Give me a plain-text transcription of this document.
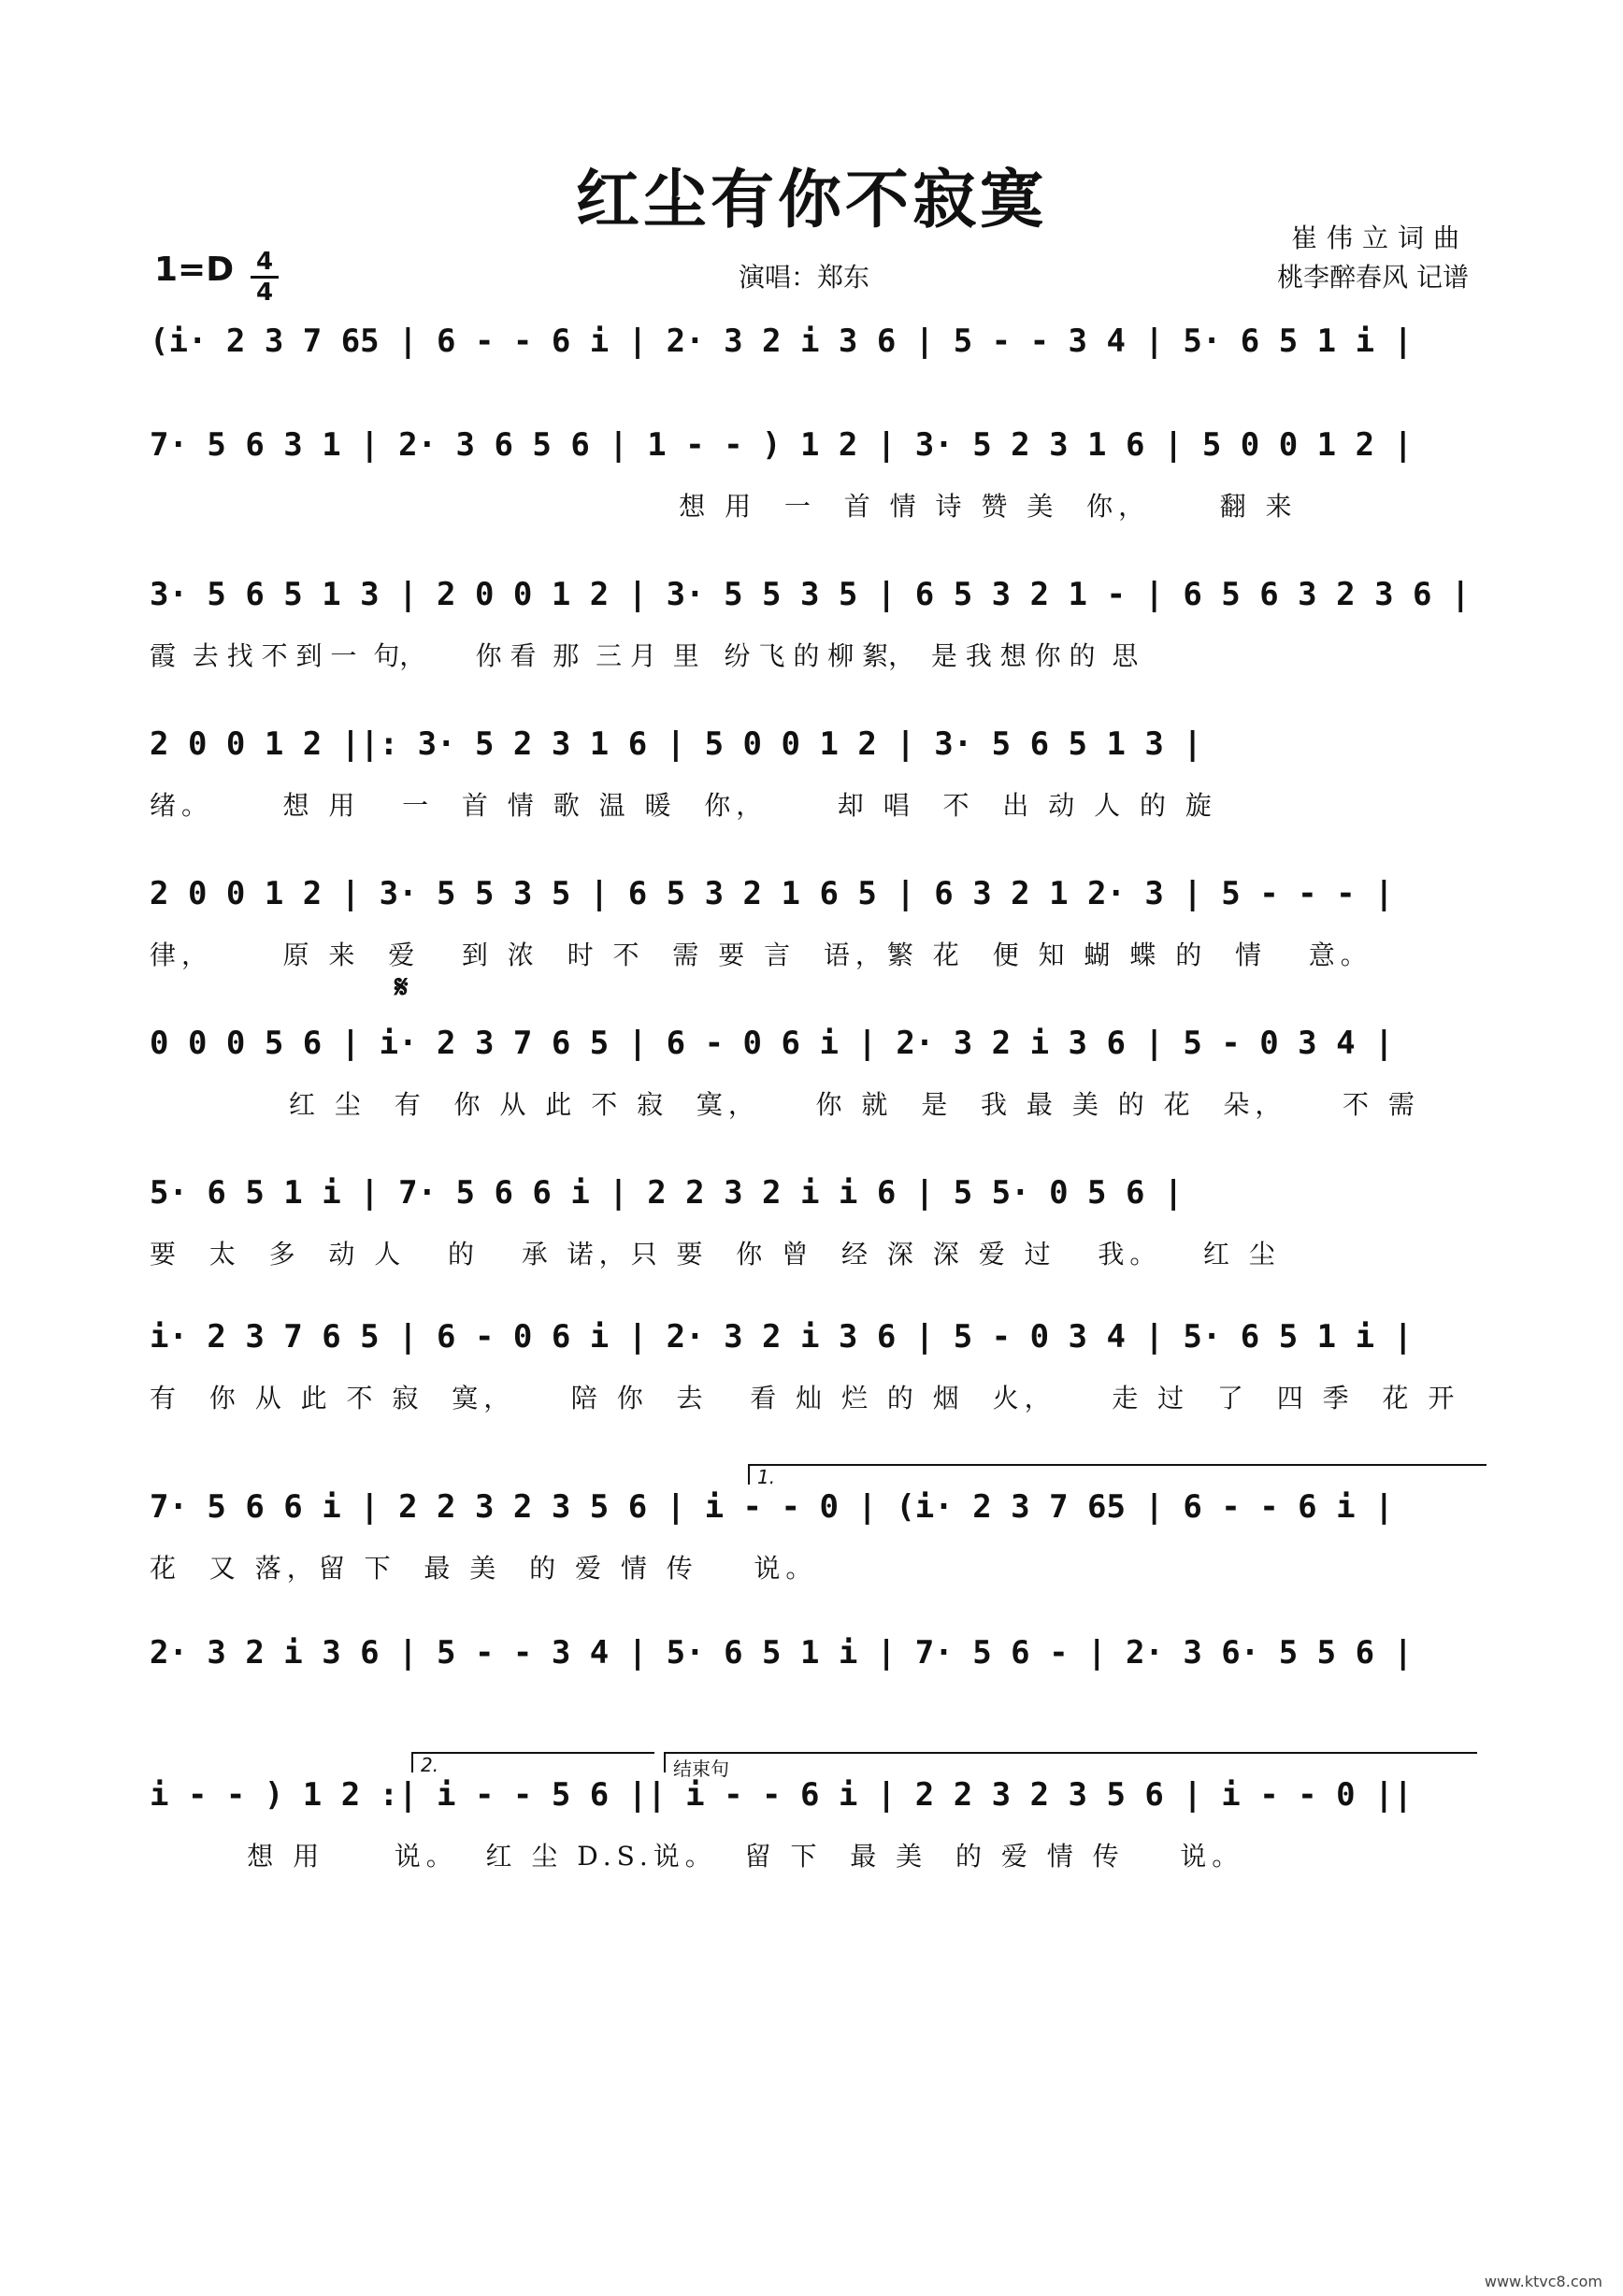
红尘有你不寂寞
1=D 4
4	演唱：郑东
崔伟立词曲
桃李醉春风 记谱
(i· 2 3 7 65 | 6 - - 6 i | 2· 3 2 i 3 6 | 5 - - 3 4 | 5· 6 5 1 i |
7· 5 6 3 1 | 2· 3 6 5 6 | 1 - - ) 1 2 | 3· 5 2 3 1 6 | 5 0 0 1 2 |
想 用  一  首 情 诗 赞 美  你，     翻 来
3· 5 6 5 1 3 | 2 0 0 1 2 | 3· 5 5 3 5 | 6 5 3 2 1 - | 6 5 6 3 2 3 6 |
霞  去 找 不 到 一  句，      你 看  那  三 月  里   纷 飞 的 柳 絮，  是 我 想 你 的  思
2 0 0 1 2 ||: 3· 5 2 3 1 6 | 5 0 0 1 2 | 3· 5 6 5 1 3 |
绪。     想 用   一  首 情 歌 温 暖  你，     却 唱  不  出 动 人 的 旋
2 0 0 1 2 | 3· 5 5 3 5 | 6 5 3 2 1 6 5 | 6 3 2 1 2· 3 | 5 - - - |
律，     原 来  爱   到 浓  时 不  需 要 言  语，繁 花  便 知 蝴 蝶 的  情   意。
𝄋
0 0 0 5 6 | i· 2 3 7 6 5 | 6 - 0 6 i | 2· 3 2 i 3 6 | 5 - 0 3 4 |
红 尘  有  你 从 此 不 寂  寞，    你 就  是  我 最 美 的 花  朵，    不 需
5· 6 5 1 i | 7· 5 6 6 i | 2 2 3 2 i i 6 | 5 5· 0 5 6 |
要  太  多  动 人   的   承 诺，只 要  你 曾  经 深 深 爱 过   我。   红 尘
i· 2 3 7 6 5 | 6 - 0 6 i | 2· 3 2 i 3 6 | 5 - 0 3 4 | 5· 6 5 1 i |
有  你 从 此 不 寂  寞，    陪 你  去   看 灿 烂 的 烟  火，    走 过  了  四 季  花 开
1.
7· 5 6 6 i | 2 2 3 2 3 5 6 | i - - 0 | (i· 2 3 7 65 | 6 - - 6 i |
花  又 落，留 下  最 美  的 爱 情 传    说。
2· 3 2 i 3 6 | 5 - - 3 4 | 5· 6 5 1 i | 7· 5 6 - | 2· 3 6· 5 5 6 |
2.	结束句
i - - ) 1 2 :| i - - 5 6 || i - - 6 i | 2 2 3 2 3 5 6 | i - - 0 ||
想 用     说。  红 尘 D.S.说。  留 下  最 美  的 爱 情 传    说。
www.ktvc8.com
